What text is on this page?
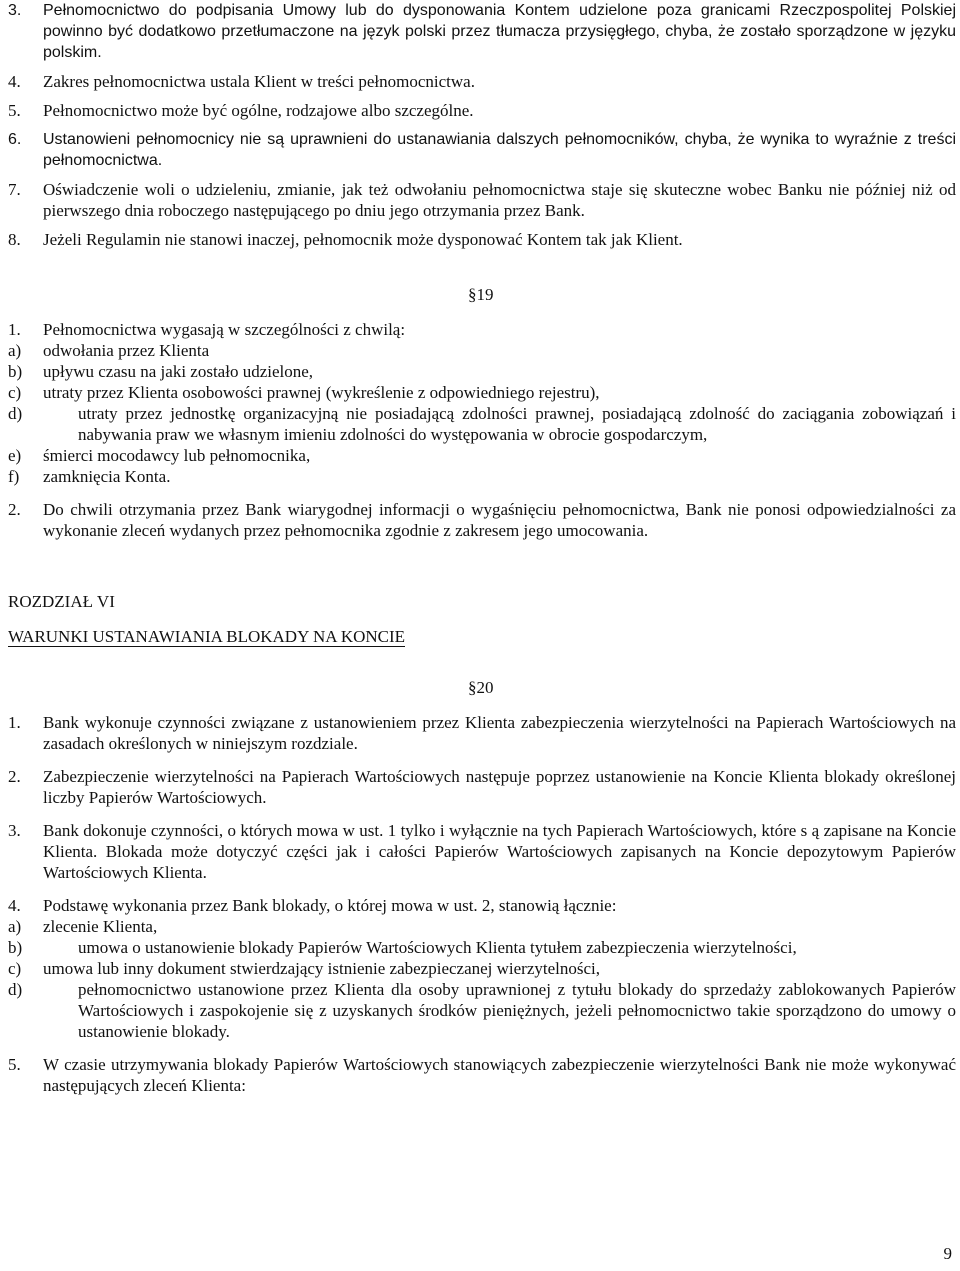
3. Pełnomocnictwo do podpisania Umowy lub do dysponowania Kontem udzielone poza granicami Rzeczpospolitej Polskiej powinno być dodatkowo przetłumaczone na język polski przez tłumacza przysięgłego, chyba, że zostało sporządzone w języku polskim.
4. Zakres pełnomocnictwa ustala Klient w treści pełnomocnictwa.
5. Pełnomocnictwo może być ogólne, rodzajowe albo szczególne.
6. Ustanowieni pełnomocnicy nie są uprawnieni do ustanawiania dalszych pełnomocników, chyba, że wynika to wyraźnie z treści pełnomocnictwa.
7. Oświadczenie woli o udzieleniu, zmianie, jak też odwołaniu pełnomocnictwa staje się skuteczne wobec Banku nie później niż od pierwszego dnia roboczego następującego po dniu jego otrzymania przez Bank.
8. Jeżeli Regulamin nie stanowi inaczej, pełnomocnik może dysponować Kontem tak jak Klient.
§19
1. Pełnomocnictwa wygasają w szczególności z chwilą:
a) odwołania przez Klienta
b) upływu czasu na jaki zostało udzielone,
c) utraty przez Klienta osobowości prawnej (wykreślenie z odpowiedniego rejestru),
d)	utraty przez jednostkę organizacyjną nie posiadającą zdolności prawnej, posiadającą zdolność do zaciągania zobowiązań i nabywania praw we własnym imieniu zdolności do występowania w obrocie gospodarczym,
e) śmierci mocodawcy lub pełnomocnika,
f) zamknięcia Konta.
2. Do chwili otrzymania przez Bank wiarygodnej informacji o wygaśnięciu pełnomocnictwa, Bank nie ponosi odpowiedzialności za wykonanie zleceń wydanych przez pełnomocnika zgodnie z zakresem jego umocowania.
ROZDZIAŁ VI
WARUNKI USTANAWIANIA BLOKADY NA KONCIE
§20
1. Bank wykonuje czynności związane z ustanowieniem przez Klienta zabezpieczenia wierzytelności na Papierach Wartościowych na zasadach określonych w niniejszym rozdziale.
2. Zabezpieczenie wierzytelności na Papierach Wartościowych następuje poprzez ustanowienie na Koncie Klienta blokady określonej liczby Papierów Wartościowych.
3. Bank dokonuje czynności, o których mowa w ust. 1 tylko i wyłącznie na tych Papierach Wartościowych, które s ą zapisane na Koncie Klienta. Blokada może dotyczyć części jak i całości Papierów Wartościowych zapisanych na Koncie depozytowym Papierów Wartościowych Klienta.
4. Podstawę wykonania przez Bank blokady, o której mowa w ust. 2, stanowią łącznie:
a) zlecenie Klienta,
b)	umowa o ustanowienie blokady Papierów Wartościowych Klienta tytułem zabezpieczenia wierzytelności,
c) umowa lub inny dokument stwierdzający istnienie zabezpieczanej wierzytelności,
d)	pełnomocnictwo ustanowione przez Klienta dla osoby uprawnionej z tytułu blokady do sprzedaży zablokowanych Papierów Wartościowych i zaspokojenie się z uzyskanych środków pieniężnych, jeżeli pełnomocnictwo takie sporządzono do umowy o ustanowienie blokady.
5. W czasie utrzymywania blokady Papierów Wartościowych stanowiących zabezpieczenie wierzytelności Bank nie może wykonywać następujących zleceń Klienta:
9
